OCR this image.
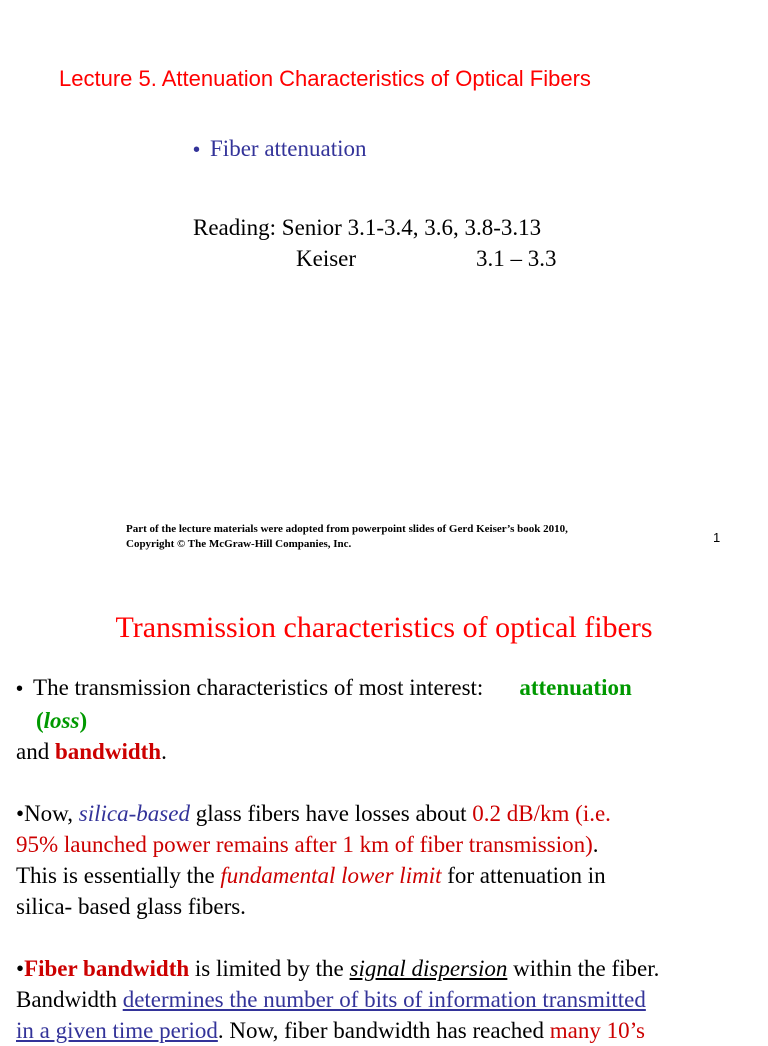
Lecture 5. Attenuation Characteristics of Optical Fibers
• Fiber attenuation
Reading: Senior 3.1-3.4, 3.6, 3.8-3.13
Keiser	3.1 – 3.3
Part of the lecture materials were adopted from powerpoint slides of Gerd Keiser’s book 2010,
Copyright © The McGraw-Hill Companies, Inc.	1
Transmission characteristics of optical fibers
• The transmission characteristics of most interest: attenuation
(loss)
and bandwidth.
•Now, silica-based glass fibers have losses about 0.2 dB/km (i.e.
95% launched power remains after 1 km of fiber transmission).
This is essentially the fundamental lower limit for attenuation in
silica- based glass fibers.
•Fiber bandwidth is limited by the signal dispersion within the fiber.
Bandwidth determines the number of bits of information transmitted
in a given time period. Now, fiber bandwidth has reached many 10’s
